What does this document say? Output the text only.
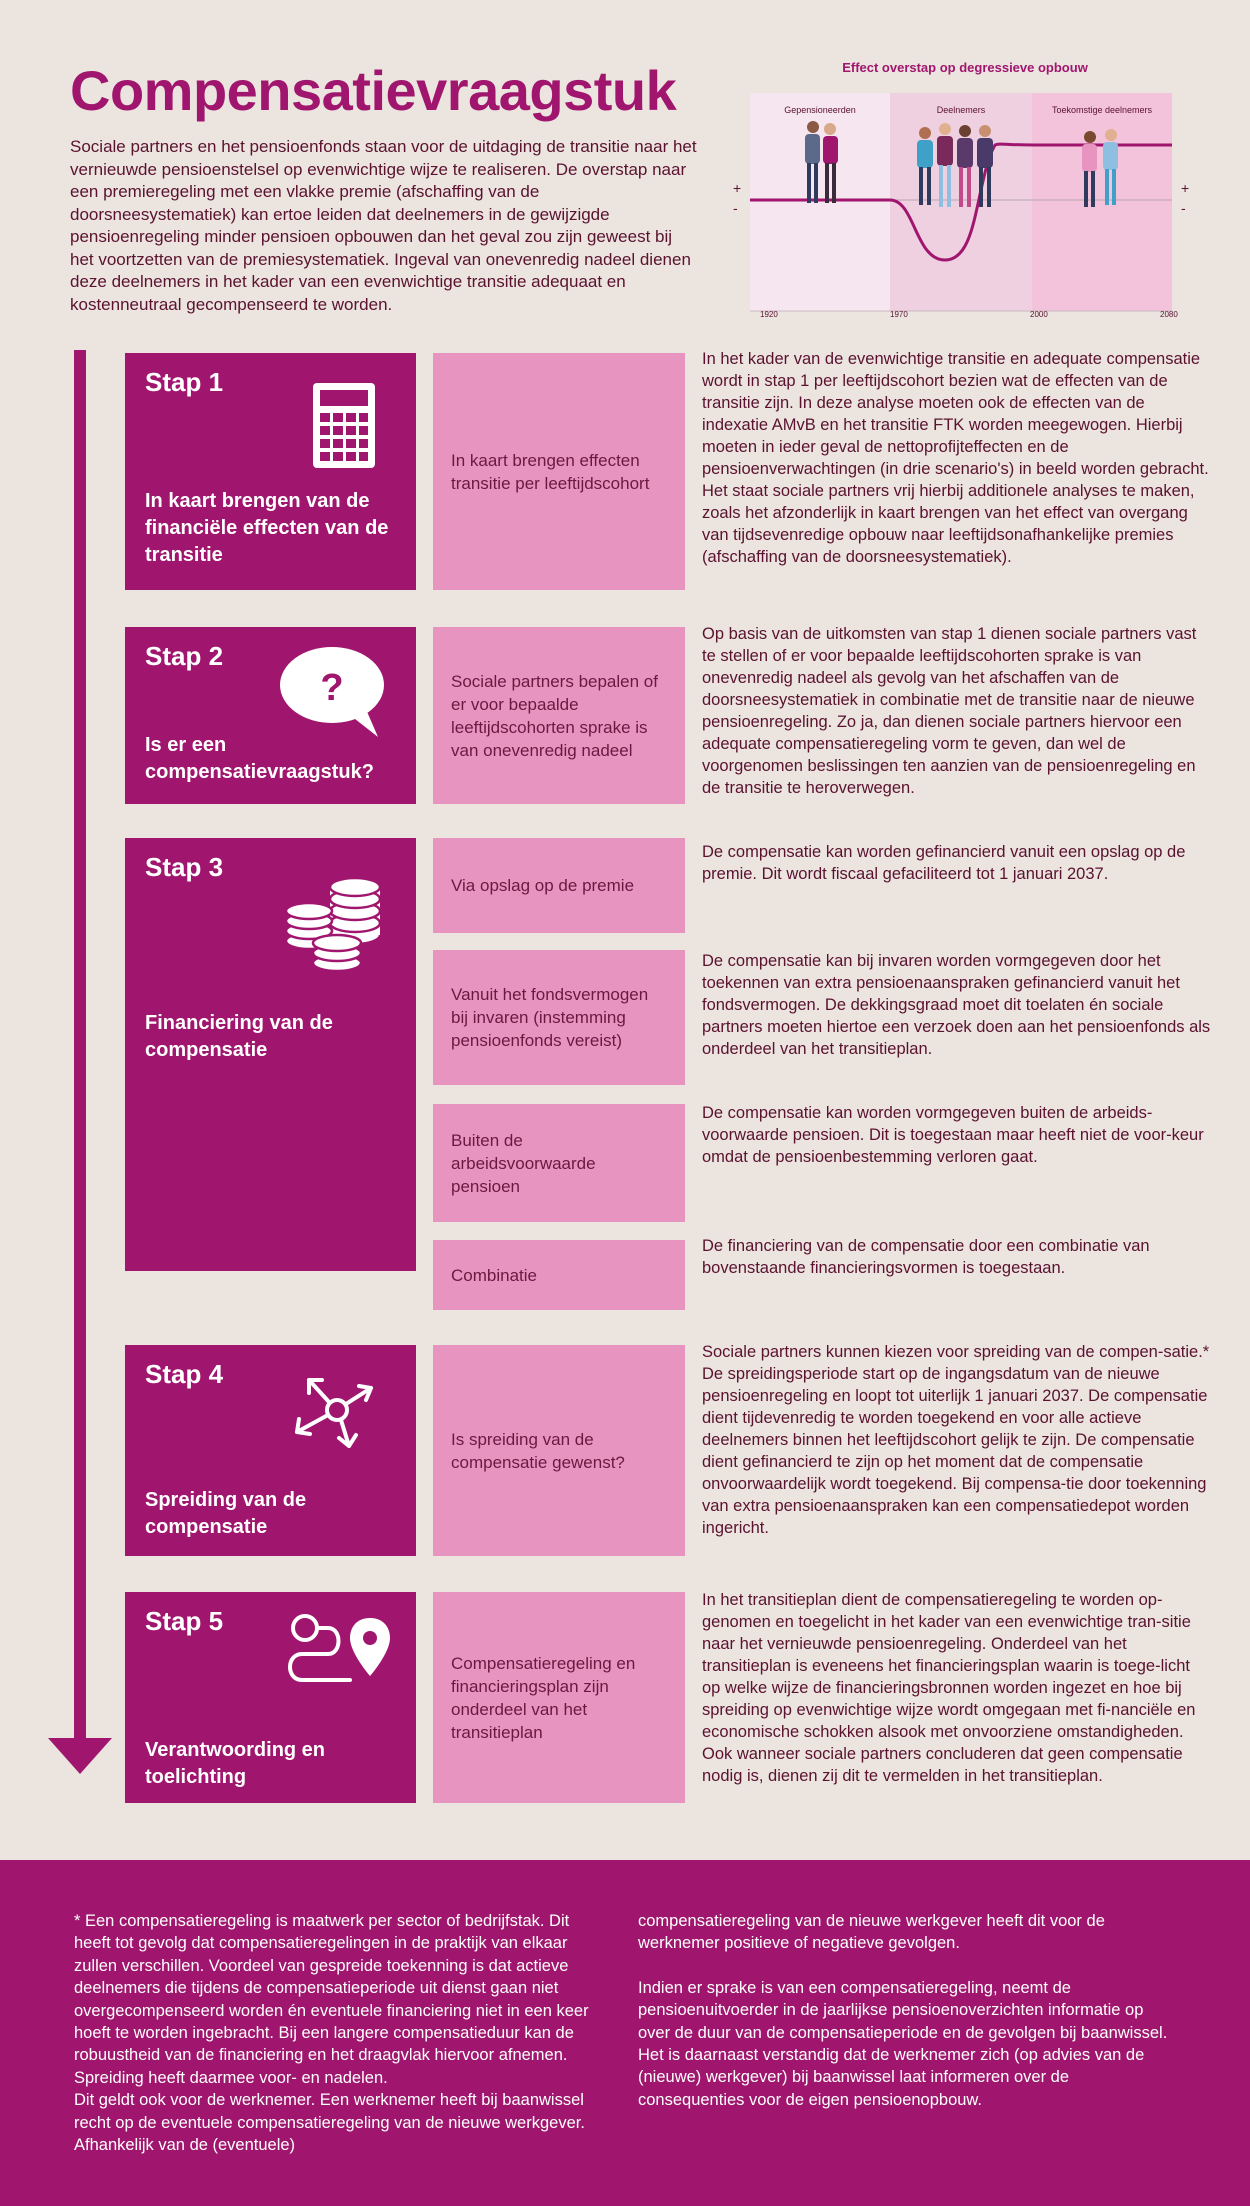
Compensatievraagstuk
Sociale partners en het pensioenfonds staan voor de uitdaging de transitie naar het vernieuwde pensioenstelsel op evenwichtige wijze te realiseren. De overstap naar een premieregeling met een vlakke premie (afschaffing van de doorsneesystematiek) kan ertoe leiden dat deelnemers in de gewijzigde pensioenregeling minder pensioen opbouwen dan het geval zou zijn geweest bij het voortzetten van de premiesystematiek. Ingeval van onevenredig nadeel dienen deze deelnemers in het kader van een evenwichtige transitie adequaat en kostenneutraal gecompenseerd te worden.
Effect overstap op degressieve opbouw
Gepensioneerden	Deelnemers	Toekomstige deelnemers
+
-
+
-
1920	1970	2000	2080
Stap 1
In kaart brengen van de financiële effecten van de transitie
In kaart brengen effecten transitie per leeftijdscohort
In het kader van de evenwichtige transitie en adequate compensatie wordt in stap 1 per leeftijdscohort bezien wat de effecten van de transitie zijn. In deze analyse moeten ook de effecten van de indexatie AMvB en het transitie FTK worden meegewogen. Hierbij moeten in ieder geval de nettoprofijteffecten en de pensioenverwachtingen (in drie scenario's) in beeld worden gebracht. Het staat sociale partners vrij hierbij additionele analyses te maken, zoals het afzonderlijk in kaart brengen van het effect van overgang van tijdsevenredige opbouw naar leeftijdsonafhankelijke premies (afschaffing van de doorsneesystematiek).
Stap 2
?
Is er een compensatievraagstuk?
Sociale partners bepalen of er voor bepaalde leeftijdscohorten sprake is van onevenredig nadeel
Op basis van de uitkomsten van stap 1 dienen sociale partners vast te stellen of er voor bepaalde leeftijdscohorten sprake is van onevenredig nadeel als gevolg van het afschaffen van de doorsneesystematiek in combinatie met de transitie naar de nieuwe pensioenregeling. Zo ja, dan dienen sociale partners hiervoor een adequate compensatieregeling vorm te geven, dan wel de voorgenomen beslissingen ten aanzien van de pensioenregeling en de transitie te heroverwegen.
Stap 3
Financiering van de compensatie
Via opslag op de premie
Vanuit het fondsvermogen bij invaren (instemming pensioenfonds vereist)
Buiten de arbeidsvoorwaarde pensioen
Combinatie
De compensatie kan worden gefinancierd vanuit een opslag op de premie. Dit wordt fiscaal gefaciliteerd tot 1 januari 2037.
De compensatie kan bij invaren worden vormgegeven door het toekennen van extra pensioenaanspraken gefinancierd vanuit het fondsvermogen. De dekkingsgraad moet dit toelaten én sociale partners moeten hiertoe een verzoek doen aan het pensioenfonds als onderdeel van het transitieplan.
De compensatie kan worden vormgegeven buiten de arbeids-voorwaarde pensioen. Dit is toegestaan maar heeft niet de voor-keur omdat de pensioenbestemming verloren gaat.
De financiering van de compensatie door een combinatie van bovenstaande financieringsvormen is toegestaan.
Stap 4
Spreiding van de compensatie
Is spreiding van de compensatie gewenst?
Sociale partners kunnen kiezen voor spreiding van de compen-satie.* De spreidingsperiode start op de ingangsdatum van de nieuwe pensioenregeling en loopt tot uiterlijk 1 januari 2037. De compensatie dient tijdevenredig te worden toegekend en voor alle actieve deelnemers binnen het leeftijdscohort gelijk te zijn. De compensatie dient gefinancierd te zijn op het moment dat de compensatie onvoorwaardelijk wordt toegekend. Bij compensa-tie door toekenning van extra pensioenaanspraken kan een compensatiedepot worden ingericht.
Stap 5
Verantwoording en toelichting
Compensatieregeling en financieringsplan zijn onderdeel van het transitieplan
In het transitieplan dient de compensatieregeling te worden op-genomen en toegelicht in het kader van een evenwichtige tran-sitie naar het vernieuwde pensioenregeling. Onderdeel van het transitieplan is eveneens het financieringsplan waarin is toege-licht op welke wijze de financieringsbronnen worden ingezet en hoe bij spreiding op evenwichtige wijze wordt omgegaan met fi-nanciële en economische schokken alsook met onvoorziene omstandigheden. Ook wanneer sociale partners concluderen dat geen compensatie nodig is, dienen zij dit te vermelden in het transitieplan.

* Een compensatieregeling is maatwerk per sector of bedrijfstak. Dit heeft tot gevolg dat compensatieregelingen in de praktijk van elkaar zullen verschillen. Voordeel van gespreide toekenning is dat actieve deelnemers die tijdens de compensatieperiode uit dienst gaan niet overgecompenseerd worden én eventuele financiering niet in een keer hoeft te worden ingebracht. Bij een langere compensatieduur kan de robuustheid van de financiering en het draagvlak hiervoor afnemen. Spreiding heeft daarmee voor- en nadelen.

Dit geldt ook voor de werknemer. Een werknemer heeft bij baanwissel recht op de eventuele compensatieregeling van de nieuwe werkgever. Afhankelijk van de (eventuele)

compensatieregeling van de nieuwe werkgever heeft dit voor de werknemer positieve of negatieve gevolgen.

Indien er sprake is van een compensatieregeling, neemt de pensioenuitvoerder in de jaarlijkse pensioenoverzichten informatie op over de duur van de compensatieperiode en de gevolgen bij baanwissel. Het is daarnaast verstandig dat de werknemer zich (op advies van de (nieuwe) werkgever) bij baanwissel laat informeren over de consequenties voor de eigen pensioenopbouw.
